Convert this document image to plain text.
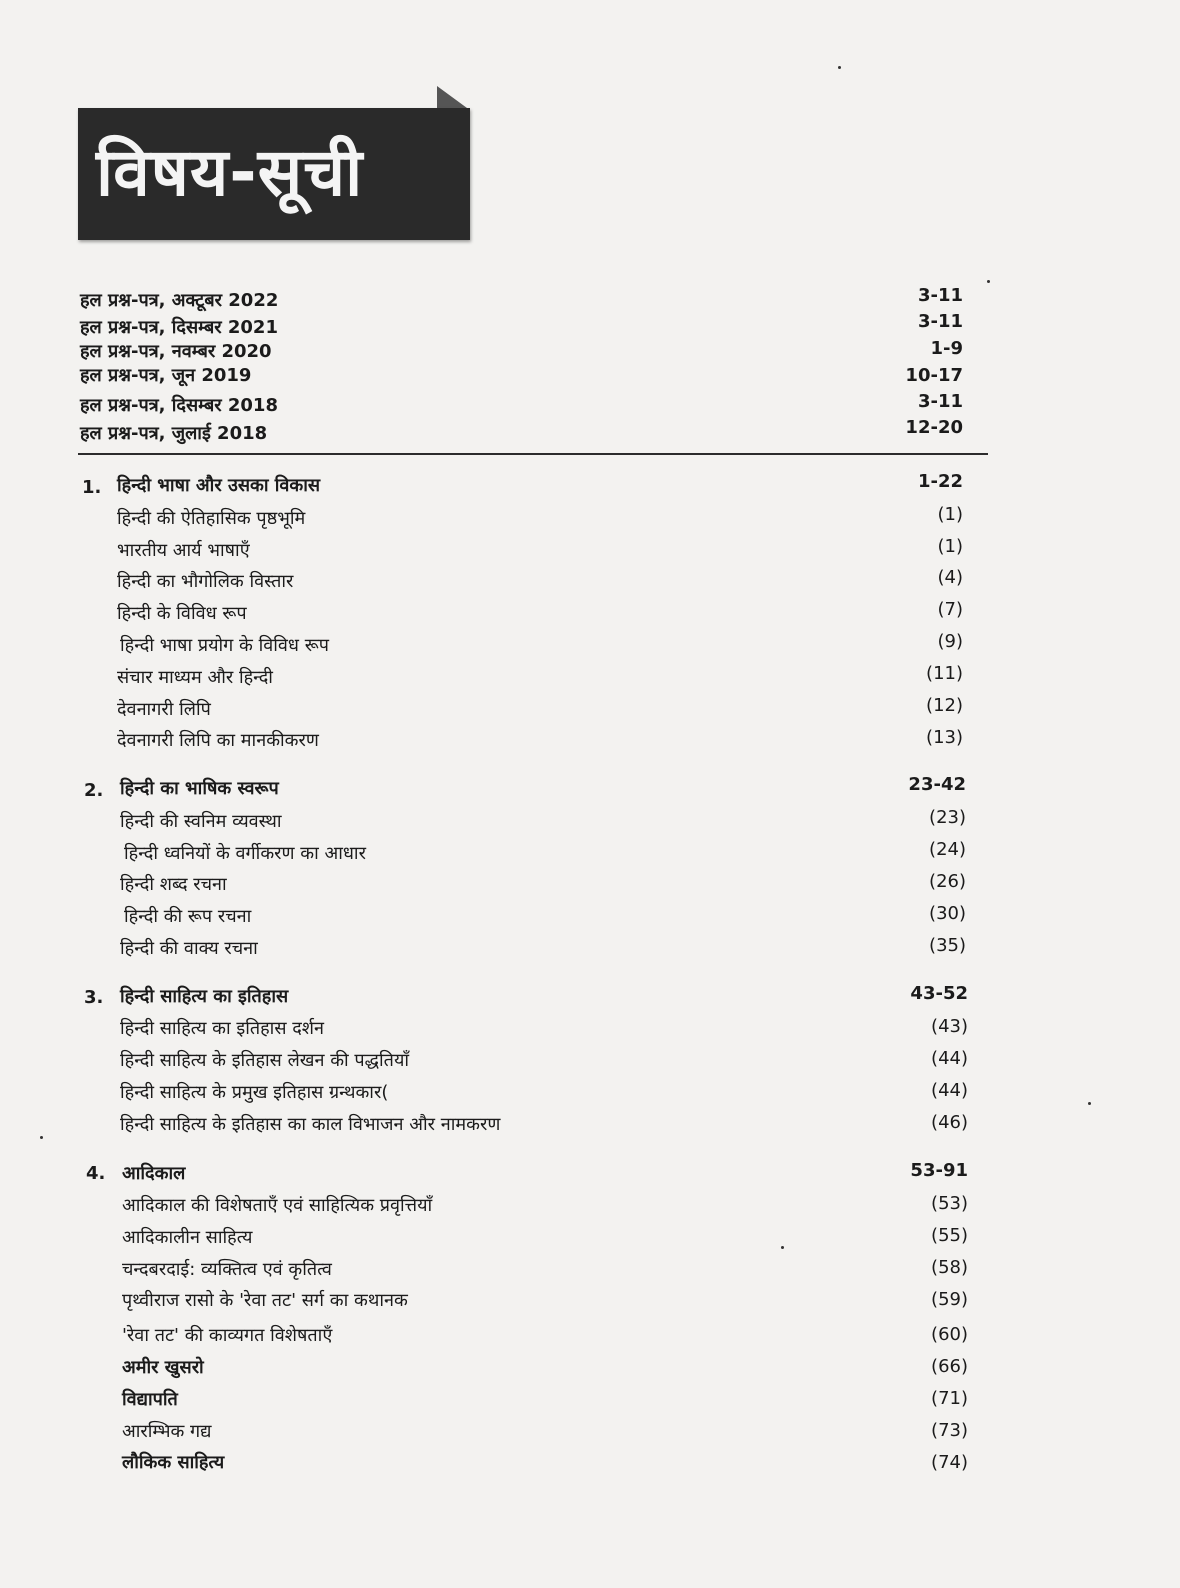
विषय-सूची
हल प्रश्न-पत्र, अक्टूबर 2022	3-11
हल प्रश्न-पत्र, दिसम्बर 2021	3-11
हल प्रश्न-पत्र, नवम्बर 2020	1-9
हल प्रश्न-पत्र, जून 2019	10-17
हल प्रश्न-पत्र, दिसम्बर 2018	3-11
हल प्रश्न-पत्र, जुलाई 2018	12-20
1. हिन्दी भाषा और उसका विकास	1-22
हिन्दी की ऐतिहासिक पृष्ठभूमि	(1)
भारतीय आर्य भाषाएँ	(1)
हिन्दी का भौगोलिक विस्तार	(4)
हिन्दी के विविध रूप	(7)
हिन्दी भाषा प्रयोग के विविध रूप	(9)
संचार माध्यम और हिन्दी	(11)
देवनागरी लिपि	(12)
देवनागरी लिपि का मानकीकरण	(13)
2. हिन्दी का भाषिक स्वरूप	23-42
हिन्दी की स्वनिम व्यवस्था	(23)
हिन्दी ध्वनियों के वर्गीकरण का आधार	(24)
हिन्दी शब्द रचना	(26)
हिन्दी की रूप रचना	(30)
हिन्दी की वाक्य रचना	(35)
3. हिन्दी साहित्य का इतिहास	43-52
हिन्दी साहित्य का इतिहास दर्शन	(43)
हिन्दी साहित्य के इतिहास लेखन की पद्धतियाँ	(44)
हिन्दी साहित्य के प्रमुख इतिहास ग्रन्थकार(	(44)
हिन्दी साहित्य के इतिहास का काल विभाजन और नामकरण	(46)
4. आदिकाल	53-91
आदिकाल की विशेषताएँ एवं साहित्यिक प्रवृत्तियाँ	(53)
आदिकालीन साहित्य	(55)
चन्दबरदाई: व्यक्तित्व एवं कृतित्व	(58)
पृथ्वीराज रासो के 'रेवा तट' सर्ग का कथानक	(59)
'रेवा तट' की काव्यगत विशेषताएँ	(60)
अमीर खुसरो	(66)
विद्यापति	(71)
आरम्भिक गद्य	(73)
लौकिक साहित्य	(74)
